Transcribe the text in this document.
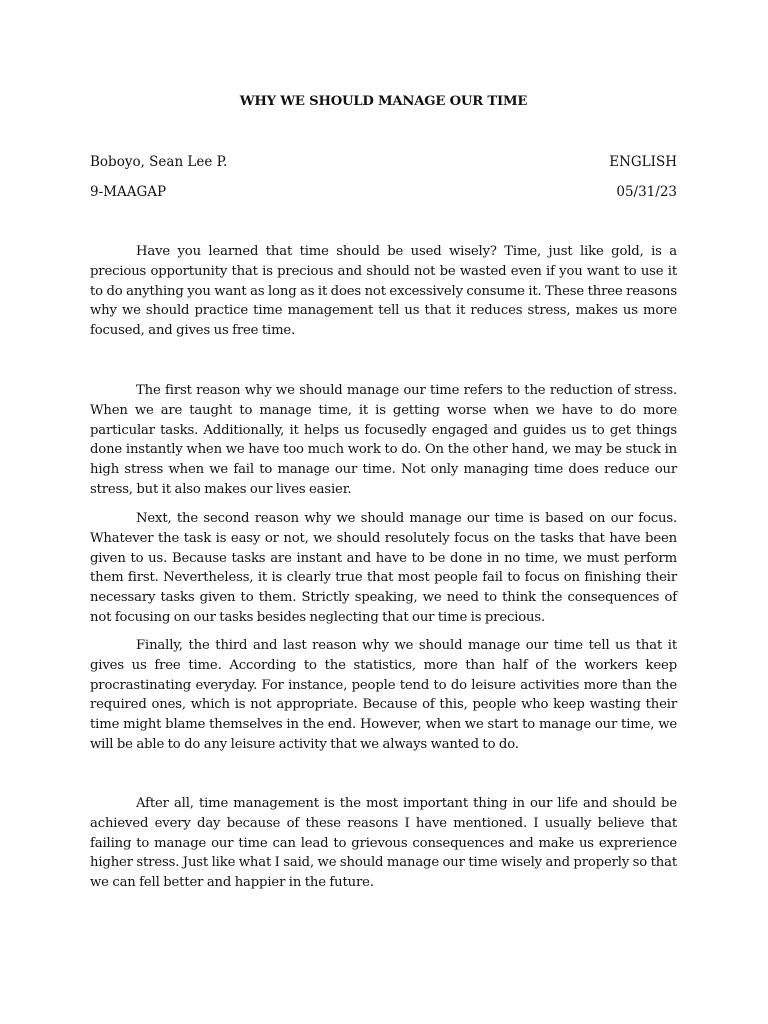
WHY WE SHOULD MANAGE OUR TIME
Boboyo, Sean Lee P.	ENGLISH
9-MAAGAP	05/31/23

Have you learned that time should be used wisely? Time, just like gold, is a precious opportunity that is precious and should not be wasted even if you want to use it to do anything you want as long as it does not excessively consume it. These three reasons why we should practice time management tell us that it reduces stress, makes us more focused, and gives us free time.

The first reason why we should manage our time refers to the reduction of stress. When we are taught to manage time, it is getting worse when we have to do more particular tasks. Additionally, it helps us focusedly engaged and guides us to get things done instantly when we have too much work to do. On the other hand, we may be stuck in high stress when we fail to manage our time. Not only managing time does reduce our stress, but it also makes our lives easier.

Next, the second reason why we should manage our time is based on our focus. Whatever the task is easy or not, we should resolutely focus on the tasks that have been given to us. Because tasks are instant and have to be done in no time, we must perform them first. Nevertheless, it is clearly true that most people fail to focus on finishing their necessary tasks given to them. Strictly speaking, we need to think the consequences of not focusing on our tasks besides neglecting that our time is precious.

Finally, the third and last reason why we should manage our time tell us that it gives us free time. According to the statistics, more than half of the workers keep procrastinating everyday. For instance, people tend to do leisure activities more than the required ones, which is not appropriate. Because of this, people who keep wasting their time might blame themselves in the end. However, when we start to manage our time, we will be able to do any leisure activity that we always wanted to do.

After all, time management is the most important thing in our life and should be achieved every day because of these reasons I have mentioned. I usually believe that failing to manage our time can lead to grievous consequences and make us exprerience higher stress. Just like what I said, we should manage our time wisely and properly so that we can fell better and happier in the future.
